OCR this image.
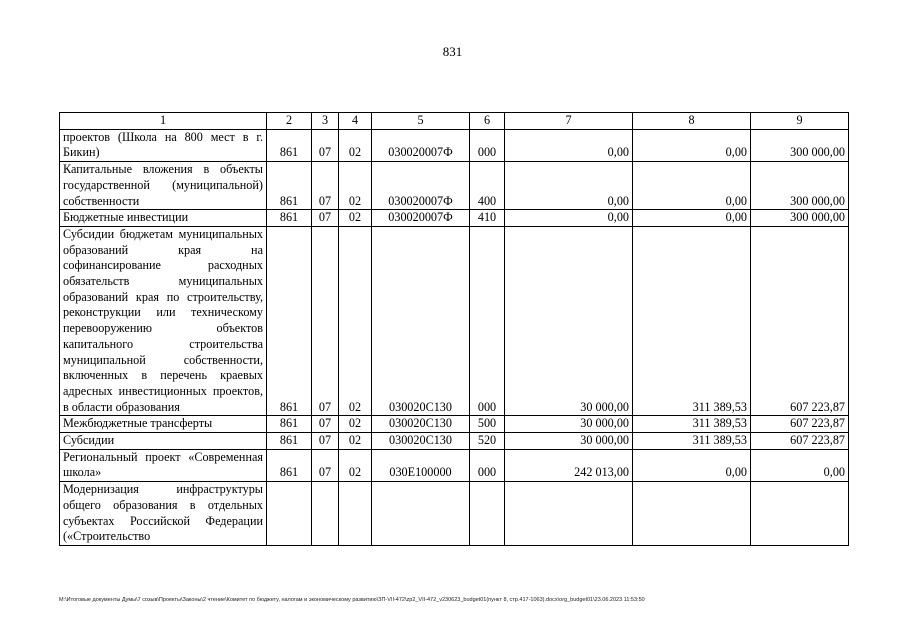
831
1	2	3	4	5	6	7	8	9
проектов (Школа на 800 мест в г. Бикин)	861	07	02	030020007Ф	000	0,00	0,00	300 000,00
Капитальные вложения в объекты государственной (муниципальной) собственности	861	07	02	030020007Ф	400	0,00	0,00	300 000,00
Бюджетные инвестиции	861	07	02	030020007Ф	410	0,00	0,00	300 000,00
Субсидии бюджетам муниципальных образований края на софинансирование расходных обязательств муниципальных образований края по строительству, реконструкции или техническому перевооружению объектов капитального строительства муниципальной собственности, включенных в перечень краевых адресных инвестиционных проектов, в области образования	861	07	02	030020С130	000	30 000,00	311 389,53	607 223,87
Межбюджетные трансферты	861	07	02	030020С130	500	30 000,00	311 389,53	607 223,87
Субсидии	861	07	02	030020С130	520	30 000,00	311 389,53	607 223,87
Региональный проект «Современная школа»	861	07	02	030Е100000	000	242 013,00	0,00	0,00
Модернизация инфраструктуры общего образования в отдельных субъектах Российской Федерации («Строительство								
М:\Итоговые документы Думы\7 созыв\Проекты\Законы\2 чтение\Комитет по бюджету, налогам и экономическому развитию\ЗП-VII-472\zp2_VII-472_v230623_budget01(пункт 8, стр.417-1063).docx\org_budget01\23.06.2023 11:53:50
